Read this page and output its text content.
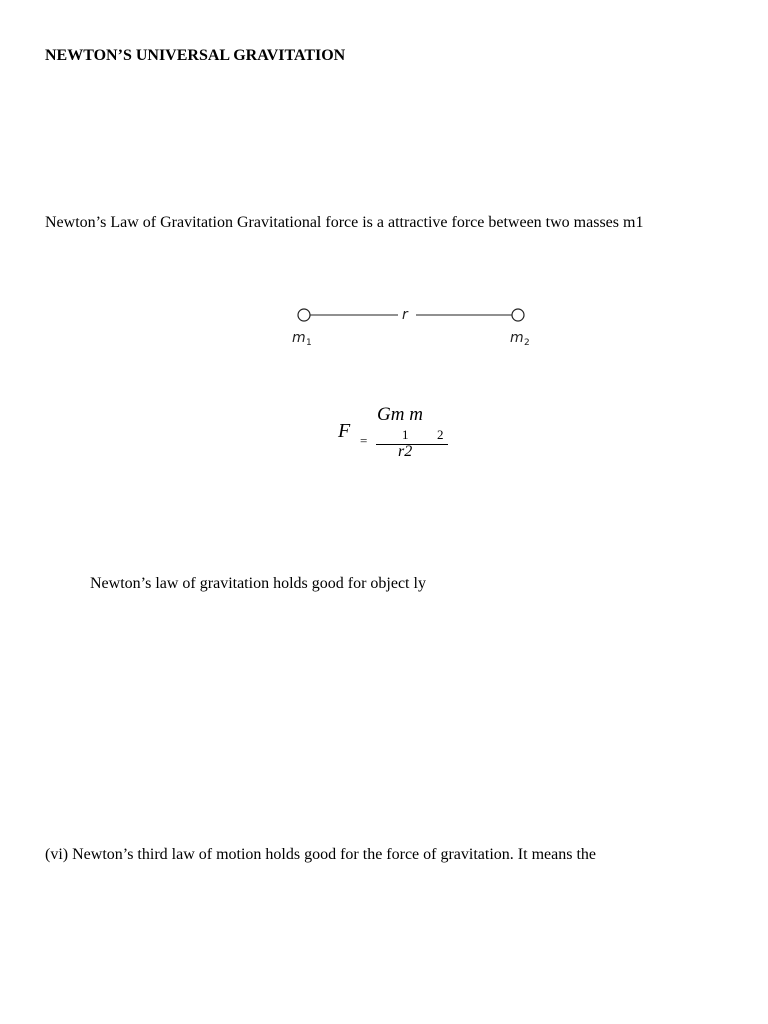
NEWTON’S UNIVERSAL GRAVITATION
Newton’s Law of Gravitation Gravitational force is a attractive force between two masses m1
r
m 1	m 2
F =
Gm m
1 2
r2
Newton’s law of gravitation holds good for object ly
(vi) Newton’s third law of motion holds good for the force of gravitation. It means the
